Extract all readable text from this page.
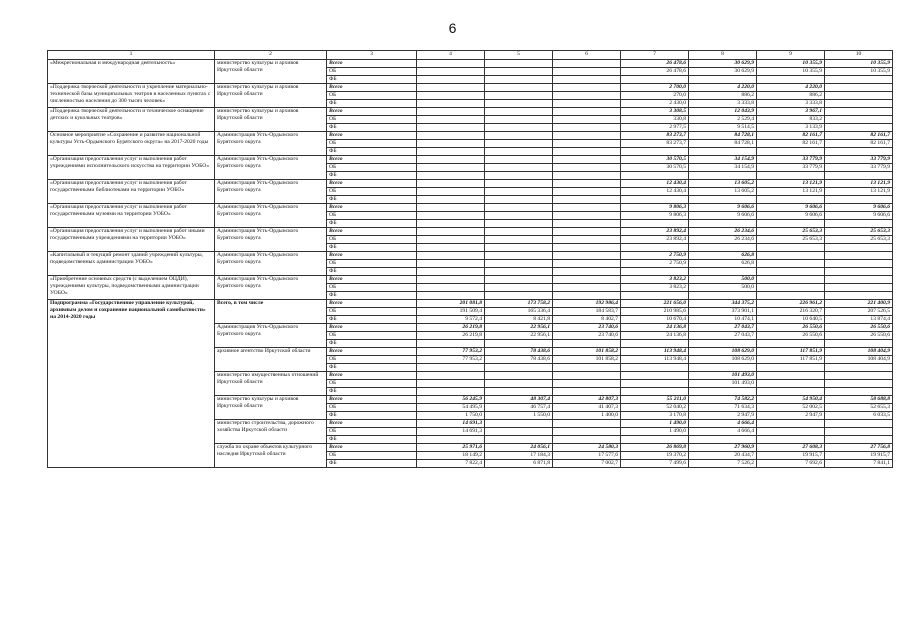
6
1	2	3	4	5	6	7	8	9	10
«Межрегиональная и международная деятельность»	министерство культуры и архивов Иркутской области	Всего				26 478,6	30 629,9	10 355,9	10 355,9
		ОБ				26 478,6	30 629,9	10 355,9	10 355,9
		ФБ							
«Поддержка творческой деятельности и укрепление материально-технической базы муниципальных театров в населенных пунктах с численностью населения до 300 тысяч человек»	министерство культуры и архивов Иркутской области	Всего				2 700,0	4 220,0	4 220,0	
		ОБ				270,0	886,2	886,2	
		ФБ				2 430,0	3 333,8	3 333,8	
«Поддержка творческой деятельности и техническое оснащение детских и кукольных театров»	министерство культуры и архивов Иркутской области	Всего				3 308,5	12 043,9	3 967,1	
		ОБ				330,8	2 529,4	833,2	
		ФБ				2 977,5	9 514,5	3 133,9	
Основное мероприятие «Сохранение и развитие национальной культуры Усть-Ордынского Бурятского округа» на 2017-2020 годы	Администрация Усть-Ордынского Бурятского округа	Всего				83 273,7	84 728,1	82 161,7	82 161,7
		ОБ				83 273,7	84 728,1	82 161,7	82 161,7
		ФБ							
«Организация предоставления услуг и выполнения работ учреждениями исполнительского искусства на территории УОБО»	Администрация Усть-Ордынского Бурятского округа	Всего				30 570,5	34 154,9	33 779,9	33 779,9
		ОБ				30 570,5	34 154,9	33 779,9	33 779,9
		ФБ							
«Организация предоставления услуг и выполнения работ государственными библиотеками на территории УОБО»	Администрация Усть-Ордынского Бурятского округа	Всего				12 430,4	13 605,2	13 121,9	13 121,9
		ОБ				12 430,4	13 605,2	13 121,9	13 121,9
		ФБ							
«Организация предоставления услуг и выполнения работ государственными музеями на территории УОБО»	Администрация Усть-Ордынского Бурятского округа	Всего				9 806,3	9 606,6	9 606,6	9 606,6
		ОБ				9 806,3	9 606,6	9 606,6	9 606,6
		ФБ							
«Организация предоставления услуг и выполнения работ иными государственными учреждениями на территории УОБО»	Администрация Усть-Ордынского Бурятского округа	Всего				23 892,4	26 234,6	25 653,3	25 653,3
		ОБ				23 892,4	26 234,6	25 653,3	25 653,3
		ФБ							
«Капитальный и текущий ремонт зданий учреждений культуры, подведомственных администрации УОБО»	Администрация Усть-Ордынского Бурятского округа	Всего				2 750,9	626,8		
		ОБ				2 750,9	626,8		
		ФБ							
«Приобретение основных средств (с выделением ОЦДИ), учреждениями культуры, подведомственными администрации УОБО»	Администрация Усть-Ордынского Бурятского округа	Всего				3 823,2	500,0		
		ОБ				3 823,2	500,0		
		ФБ							
Подпрограмма «Государственное управление культурой, архивным делом и сохранение национальной самобытности» на 2014-2020 годы	Всего, в том числе	Всего	201 081,8	173 758,2	192 986,4	221 656,0	344 375,2	226 961,2	221 400,9
		ОБ	191 509,4	165 336,4	184 583,7	210 985,6	373 901,1	216 320,7	207 526,5
		ФБ	9 572,4	8 421,8	8 402,7	10 670,4	10 474,1	10 640,5	13 874,4
	Администрация Усть-Ордынского Бурятского округа	Всего	26 219,8	22 956,1	23 740,6	24 136,8	27 043,7	26 550,6	26 550,6
		ОБ	26 219,8	22 956,1	23 740,6	24 136,8	27 043,7	26 550,6	26 550,6
		ФБ							
	архивное агентство Иркутской области	Всего	77 953,2	78 438,6	101 858,2	113 948,4	108 629,0	117 851,9	108 404,9
		ОБ	77 953,2	78 438,6	101 858,2	113 948,4	108 629,0	117 851,9	108 404,9
		ФБ							
	министерство имущественных отношений Иркутской области	Всего					101 493,0		
		ОБ					101 493,0		
		ФБ							
	министерство культуры и архивов Иркутской области	Всего	56 245,9	48 307,4	42 807,3	55 211,0	74 582,2	54 950,4	58 688,8
		ОБ	54 495,9	46 757,4	41 407,3	52 040,2	71 634,3	52 002,5	52 655,3
		ФБ	1 750,0	1 550,0	1 400,0	3 170,8	2 947,9	2 947,9	6 033,5
	министерство строительства, дорожного хозяйства Иркутской области	Всего	14 691,3			1 490,0	4 666,4		
		ОБ	14 691,3			1 490,0	4 666,4		
		ФБ							
	служба по охране объектов культурного наследия Иркутской области	Всего	25 971,6	24 056,1	24 580,3	26 869,8	27 960,9	27 608,3	27 756,8
		ОБ	18 149,2	17 184,3	17 577,6	19 370,2	20 434,7	19 915,7	19 915,7
		ФБ	7 822,4	6 871,8	7 002,7	7 499,6	7 526,2	7 692,6	7 841,1
